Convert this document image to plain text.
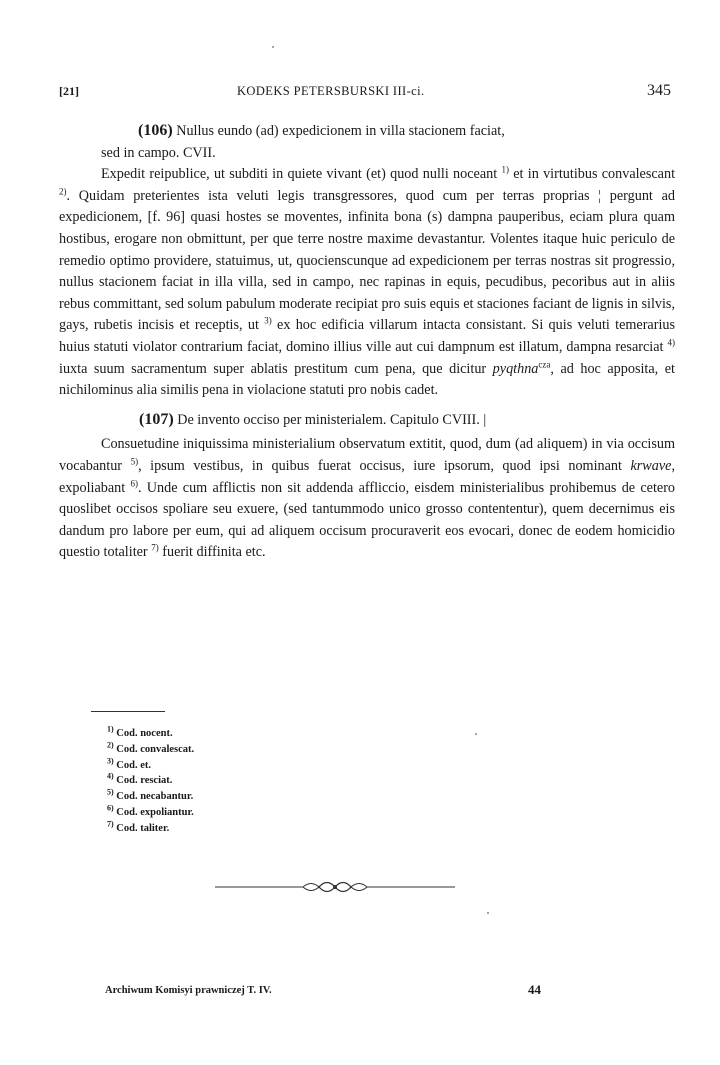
[21]	KODEKS PETERSBURSKI III-ci.	345

(106) Nullus eundo (ad) expedicionem in villa stacionem faciat,

sed in campo. CVII.

Expedit reipublice, ut subditi in quiete vivant (et) quod nulli noceant $^{1)}$ et in virtutibus convalescant $^{2)}$. Quidam preterientes ista veluti legis transgressores, quod cum per terras proprias ¦ pergunt ad expedicionem, [f. 96] quasi hostes se moventes, infinita bona (s) dampna pauperibus, eciam plura quam hostibus, erogare non obmittunt, per que terre nostre maxime devastantur. Volentes itaque huic periculo de remedio optimo providere, statuimus, ut, quocienscunque ad expedicionem per terras nostras sit progressio, nullus stacionem faciat in illa villa, sed in campo, nec rapinas in equis, pecudibus, pecoribus aut in aliis rebus committant, sed solum pabulum moderate recipiat pro suis equis et staciones faciant de lignis in silvis, gays, rubetis incisis et receptis, ut $^{3)}$ ex hoc edificia villarum intacta consistant. Si quis veluti temerarius huius statuti violator contrarium faciat, domino illius ville aut cui dampnum est illatum, dampna resarciat $^{4)}$ iuxta suum sacramentum super ablatis prestitum cum pena, que dicitur pyqthna$^{cza}$, ad hoc apposita, et nichilominus alia similis pena in violacione statuti pro nobis cadet.

(107) De invento occiso per ministerialem. Capitulo CVIII. |

Consuetudine iniquissima ministerialium observatum extitit, quod, dum (ad aliquem) in via occisum vocabantur $^{5)}$, ipsum vestibus, in quibus fuerat occisus, iure ipsorum, quod ipsi nominant krwave, expoliabant $^{6)}$. Unde cum afflictis non sit addenda affliccio, eisdem ministerialibus prohibemus de cetero quoslibet occisos spoliare seu exuere, (sed tantummodo unico grosso contententur), quem decernimus eis dandum pro labore per eum, qui ad aliquem occisum procuraverit eos evocari, donec de eodem homicidio questio totaliter $^{7)}$ fuerit diffinita etc.

$^{1)}$ Cod. nocent.
$^{2)}$ Cod. convalescat.
$^{3)}$ Cod. et.
$^{4)}$ Cod. resciat.
$^{5)}$ Cod. necabantur.
$^{6)}$ Cod. expoliantur.
$^{7)}$ Cod. taliter.
Archiwum Komisyi prawniczej T. IV.	44
